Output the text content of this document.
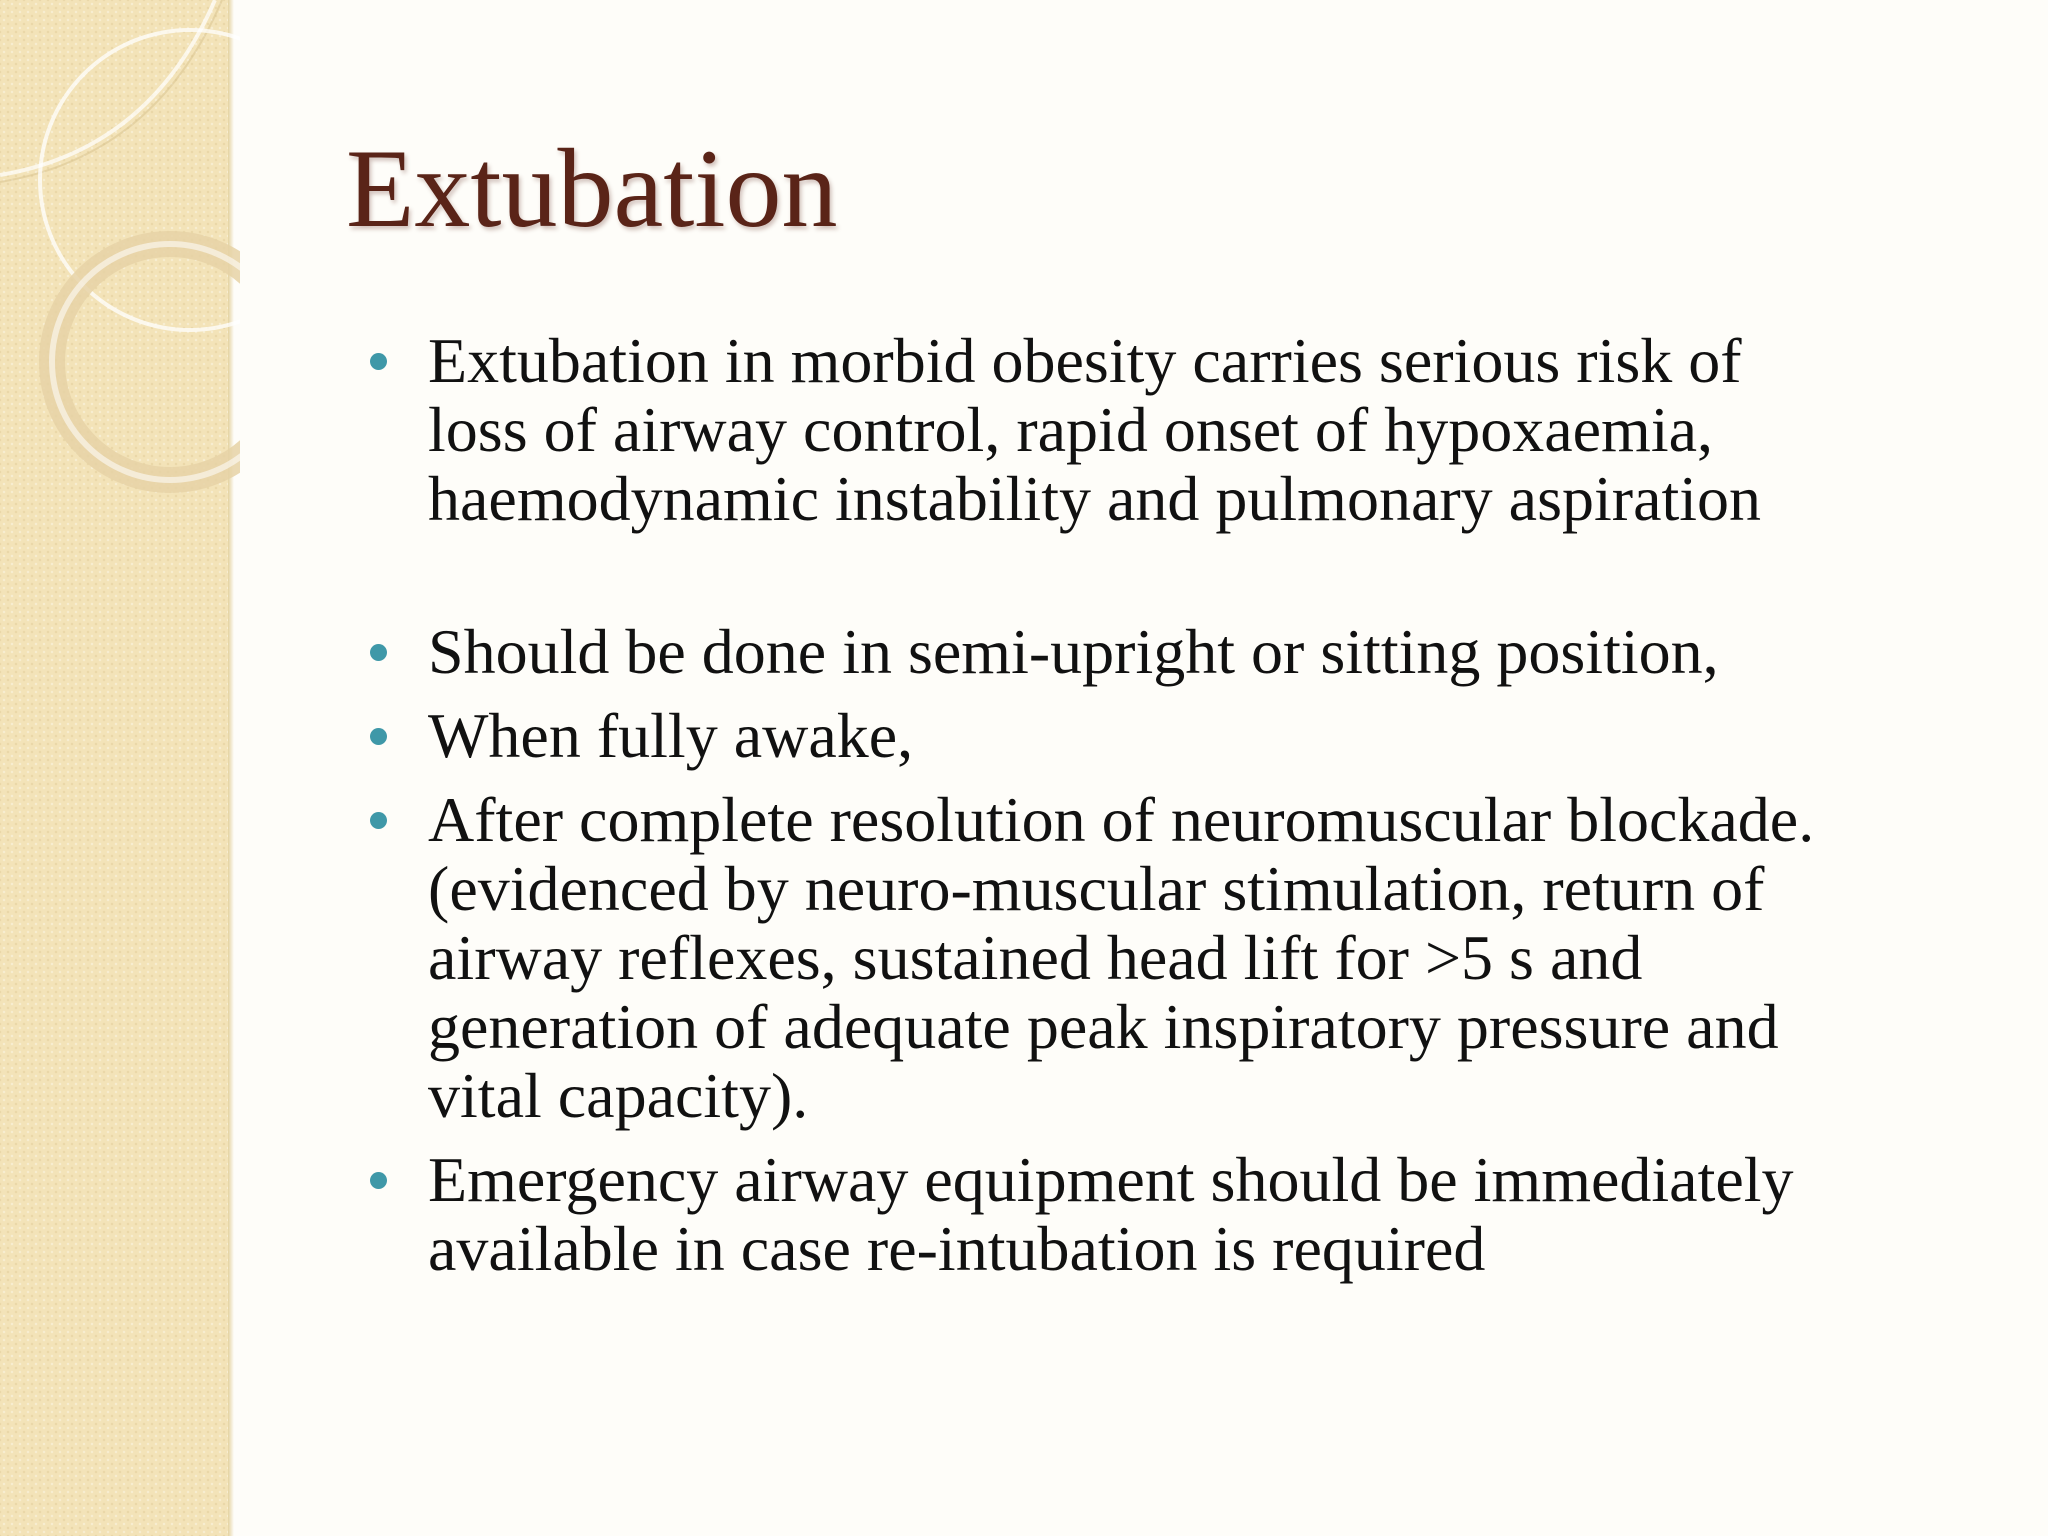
Extubation
Extubation in morbid obesity carries serious risk of
loss of airway control, rapid onset of hypoxaemia,
haemodynamic instability and pulmonary aspiration
Should be done in semi-upright or sitting position,
When fully awake,
After complete resolution of neuromuscular blockade.
(evidenced by neuro-muscular stimulation, return of
airway reflexes, sustained head lift for >5 s and
generation of adequate peak inspiratory pressure and
vital capacity).
Emergency airway equipment should be immediately
available in case re-intubation is required
